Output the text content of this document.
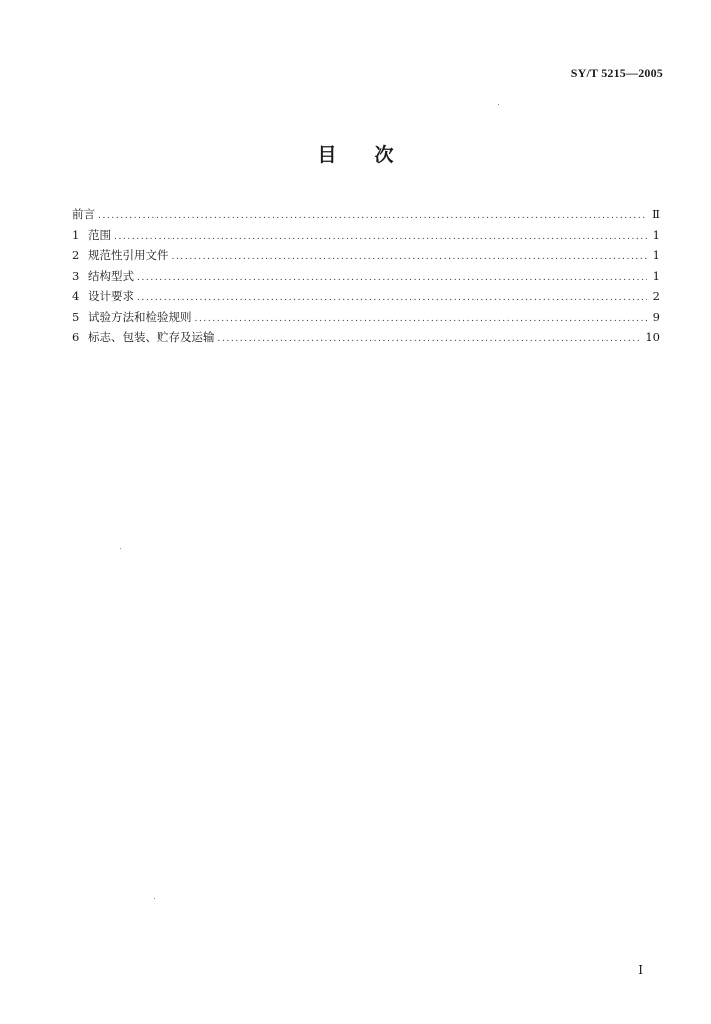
SY/T 5215—2005
目 次
前言 .....	Ⅱ
1 范围 .....	1
2 规范性引用文件 .....	1
3 结构型式 .....	1
4 设计要求 .....	2
5 试验方法和检验规则 .....	9
6 标志、包装、贮存及运输 .....	10
I
